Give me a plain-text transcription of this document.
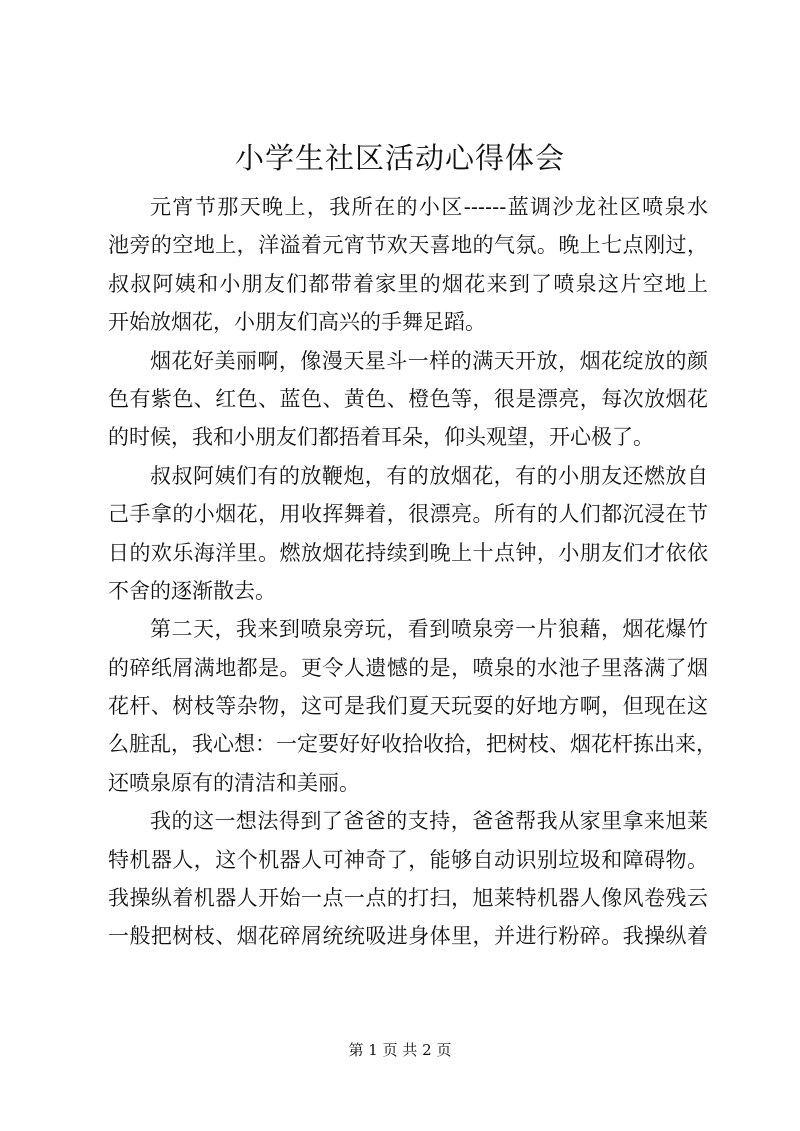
小学生社区活动心得体会
元宵节那天晚上，我所在的小区------蓝调沙龙社区喷泉水
池旁的空地上，洋溢着元宵节欢天喜地的气氛。晚上七点刚过，
叔叔阿姨和小朋友们都带着家里的烟花来到了喷泉这片空地上
开始放烟花，小朋友们高兴的手舞足蹈。
烟花好美丽啊，像漫天星斗一样的满天开放，烟花绽放的颜
色有紫色、红色、蓝色、黄色、橙色等，很是漂亮，每次放烟花
的时候，我和小朋友们都捂着耳朵，仰头观望，开心极了。
叔叔阿姨们有的放鞭炮，有的放烟花，有的小朋友还燃放自
己手拿的小烟花，用收挥舞着，很漂亮。所有的人们都沉浸在节
日的欢乐海洋里。燃放烟花持续到晚上十点钟，小朋友们才依依
不舍的逐渐散去。
第二天，我来到喷泉旁玩，看到喷泉旁一片狼藉，烟花爆竹
的碎纸屑满地都是。更令人遗憾的是，喷泉的水池子里落满了烟
花杆、树枝等杂物，这可是我们夏天玩耍的好地方啊，但现在这
么脏乱，我心想：一定要好好收拾收拾，把树枝、烟花杆拣出来，
还喷泉原有的清洁和美丽。
我的这一想法得到了爸爸的支持，爸爸帮我从家里拿来旭莱
特机器人，这个机器人可神奇了，能够自动识别垃圾和障碍物。
我操纵着机器人开始一点一点的打扫，旭莱特机器人像风卷残云
一般把树枝、烟花碎屑统统吸进身体里，并进行粉碎。我操纵着
第 1 页 共 2 页
